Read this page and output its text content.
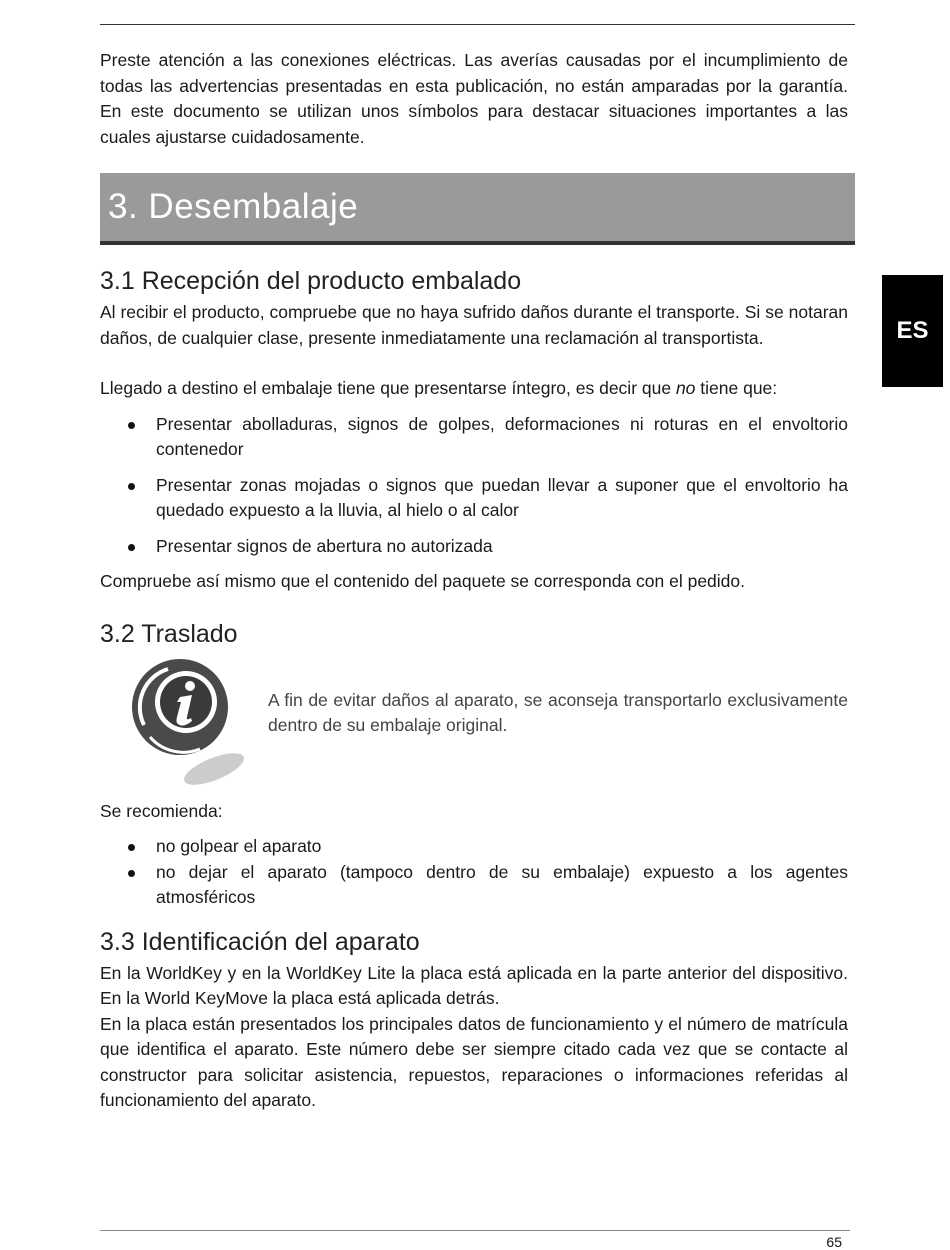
ES

Preste atención a las conexiones eléctricas. Las averías causadas por el incumplimiento de todas las advertencias presentadas en esta publicación, no están amparadas por la garantía. En este documento se utilizan unos símbolos para destacar situaciones importantes a las cuales ajustarse cuidadosamente.

3. Desembalaje
3.1 Recepción del producto embalado

Al recibir el producto, compruebe que no haya sufrido daños durante el transporte. Si se notaran daños, de cualquier clase, presente inmediatamente una reclamación al transportista.

Llegado a destino el embalaje tiene que presentarse íntegro, es decir que no tiene que:

Presentar abolladuras, signos de golpes, deformaciones ni roturas en el envoltorio contenedor
Presentar zonas mojadas o signos que puedan llevar a suponer que el envoltorio ha quedado expuesto a la lluvia, al hielo o al calor
Presentar signos de abertura no autorizada

Compruebe así mismo que el contenido del paquete se corresponda con el pedido.

3.2 Traslado

A fin de evitar daños al aparato, se aconseja transportarlo exclusivamente dentro de su embalaje original.

Se recomienda:

no golpear el aparato
no dejar el aparato (tampoco dentro de su embalaje) expuesto a los agentes atmosféricos
3.3 Identificación del aparato

En la WorldKey y en la WorldKey Lite la placa está aplicada en la parte anterior del dispositivo. En la World KeyMove la placa está aplicada detrás.

En la placa están presentados los principales datos de funcionamiento y el número de matrícula que identifica el aparato. Este número debe ser siempre citado cada vez que se contacte al constructor para solicitar asistencia, repuestos, reparaciones o informaciones referidas al funcionamiento del aparato.

65
